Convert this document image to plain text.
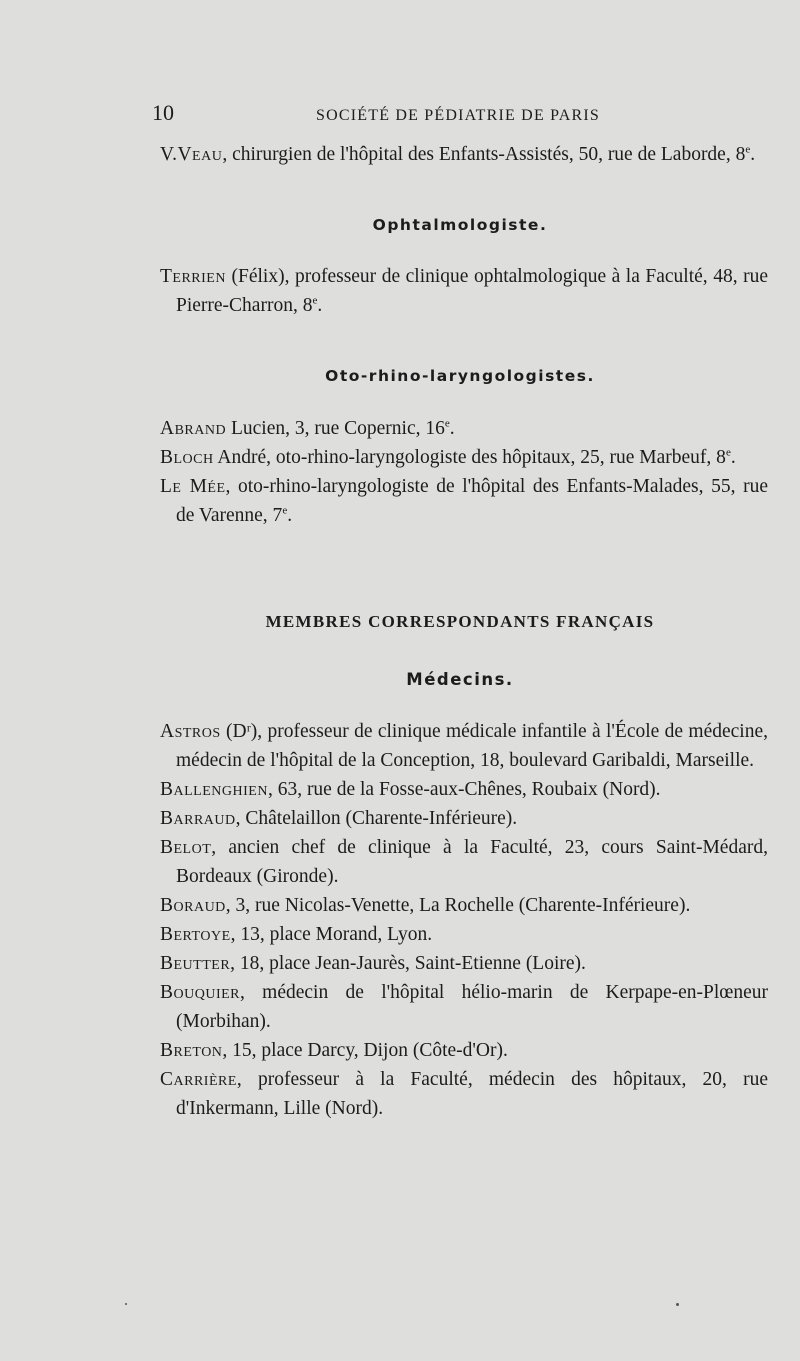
10	SOCIÉTÉ DE PÉDIATRIE DE PARIS

V.Veau, chirurgien de l'hôpital des Enfants-Assistés, 50, rue de Laborde, 8e.

Ophtalmologiste.

Terrien (Félix), professeur de clinique ophtalmologique à la Faculté, 48, rue Pierre-Charron, 8e.

Oto-rhino-laryngologistes.

Abrand Lucien, 3, rue Copernic, 16e.

Bloch André, oto-rhino-laryngologiste des hôpitaux, 25, rue Marbeuf, 8e.

Le Mée, oto-rhino-laryngologiste de l'hôpital des Enfants-Malades, 55, rue de Varenne, 7e.

MEMBRES CORRESPONDANTS FRANÇAIS
Médecins.

Astros (Dʳ), professeur de clinique médicale infantile à l'École de médecine, médecin de l'hôpital de la Conception, 18, boulevard Garibaldi, Marseille.

Ballenghien, 63, rue de la Fosse-aux-Chênes, Roubaix (Nord).

Barraud, Châtelaillon (Charente-Inférieure).

Belot, ancien chef de clinique à la Faculté, 23, cours Saint-Médard, Bordeaux (Gironde).

Boraud, 3, rue Nicolas-Venette, La Rochelle (Charente-Inférieure).

Bertoye, 13, place Morand, Lyon.

Beutter, 18, place Jean-Jaurès, Saint-Etienne (Loire).

Bouquier, médecin de l'hôpital hélio-marin de Kerpape-en-Plœneur (Morbihan).

Breton, 15, place Darcy, Dijon (Côte-d'Or).

Carrière, professeur à la Faculté, médecin des hôpitaux, 20, rue d'Inkermann, Lille (Nord).
